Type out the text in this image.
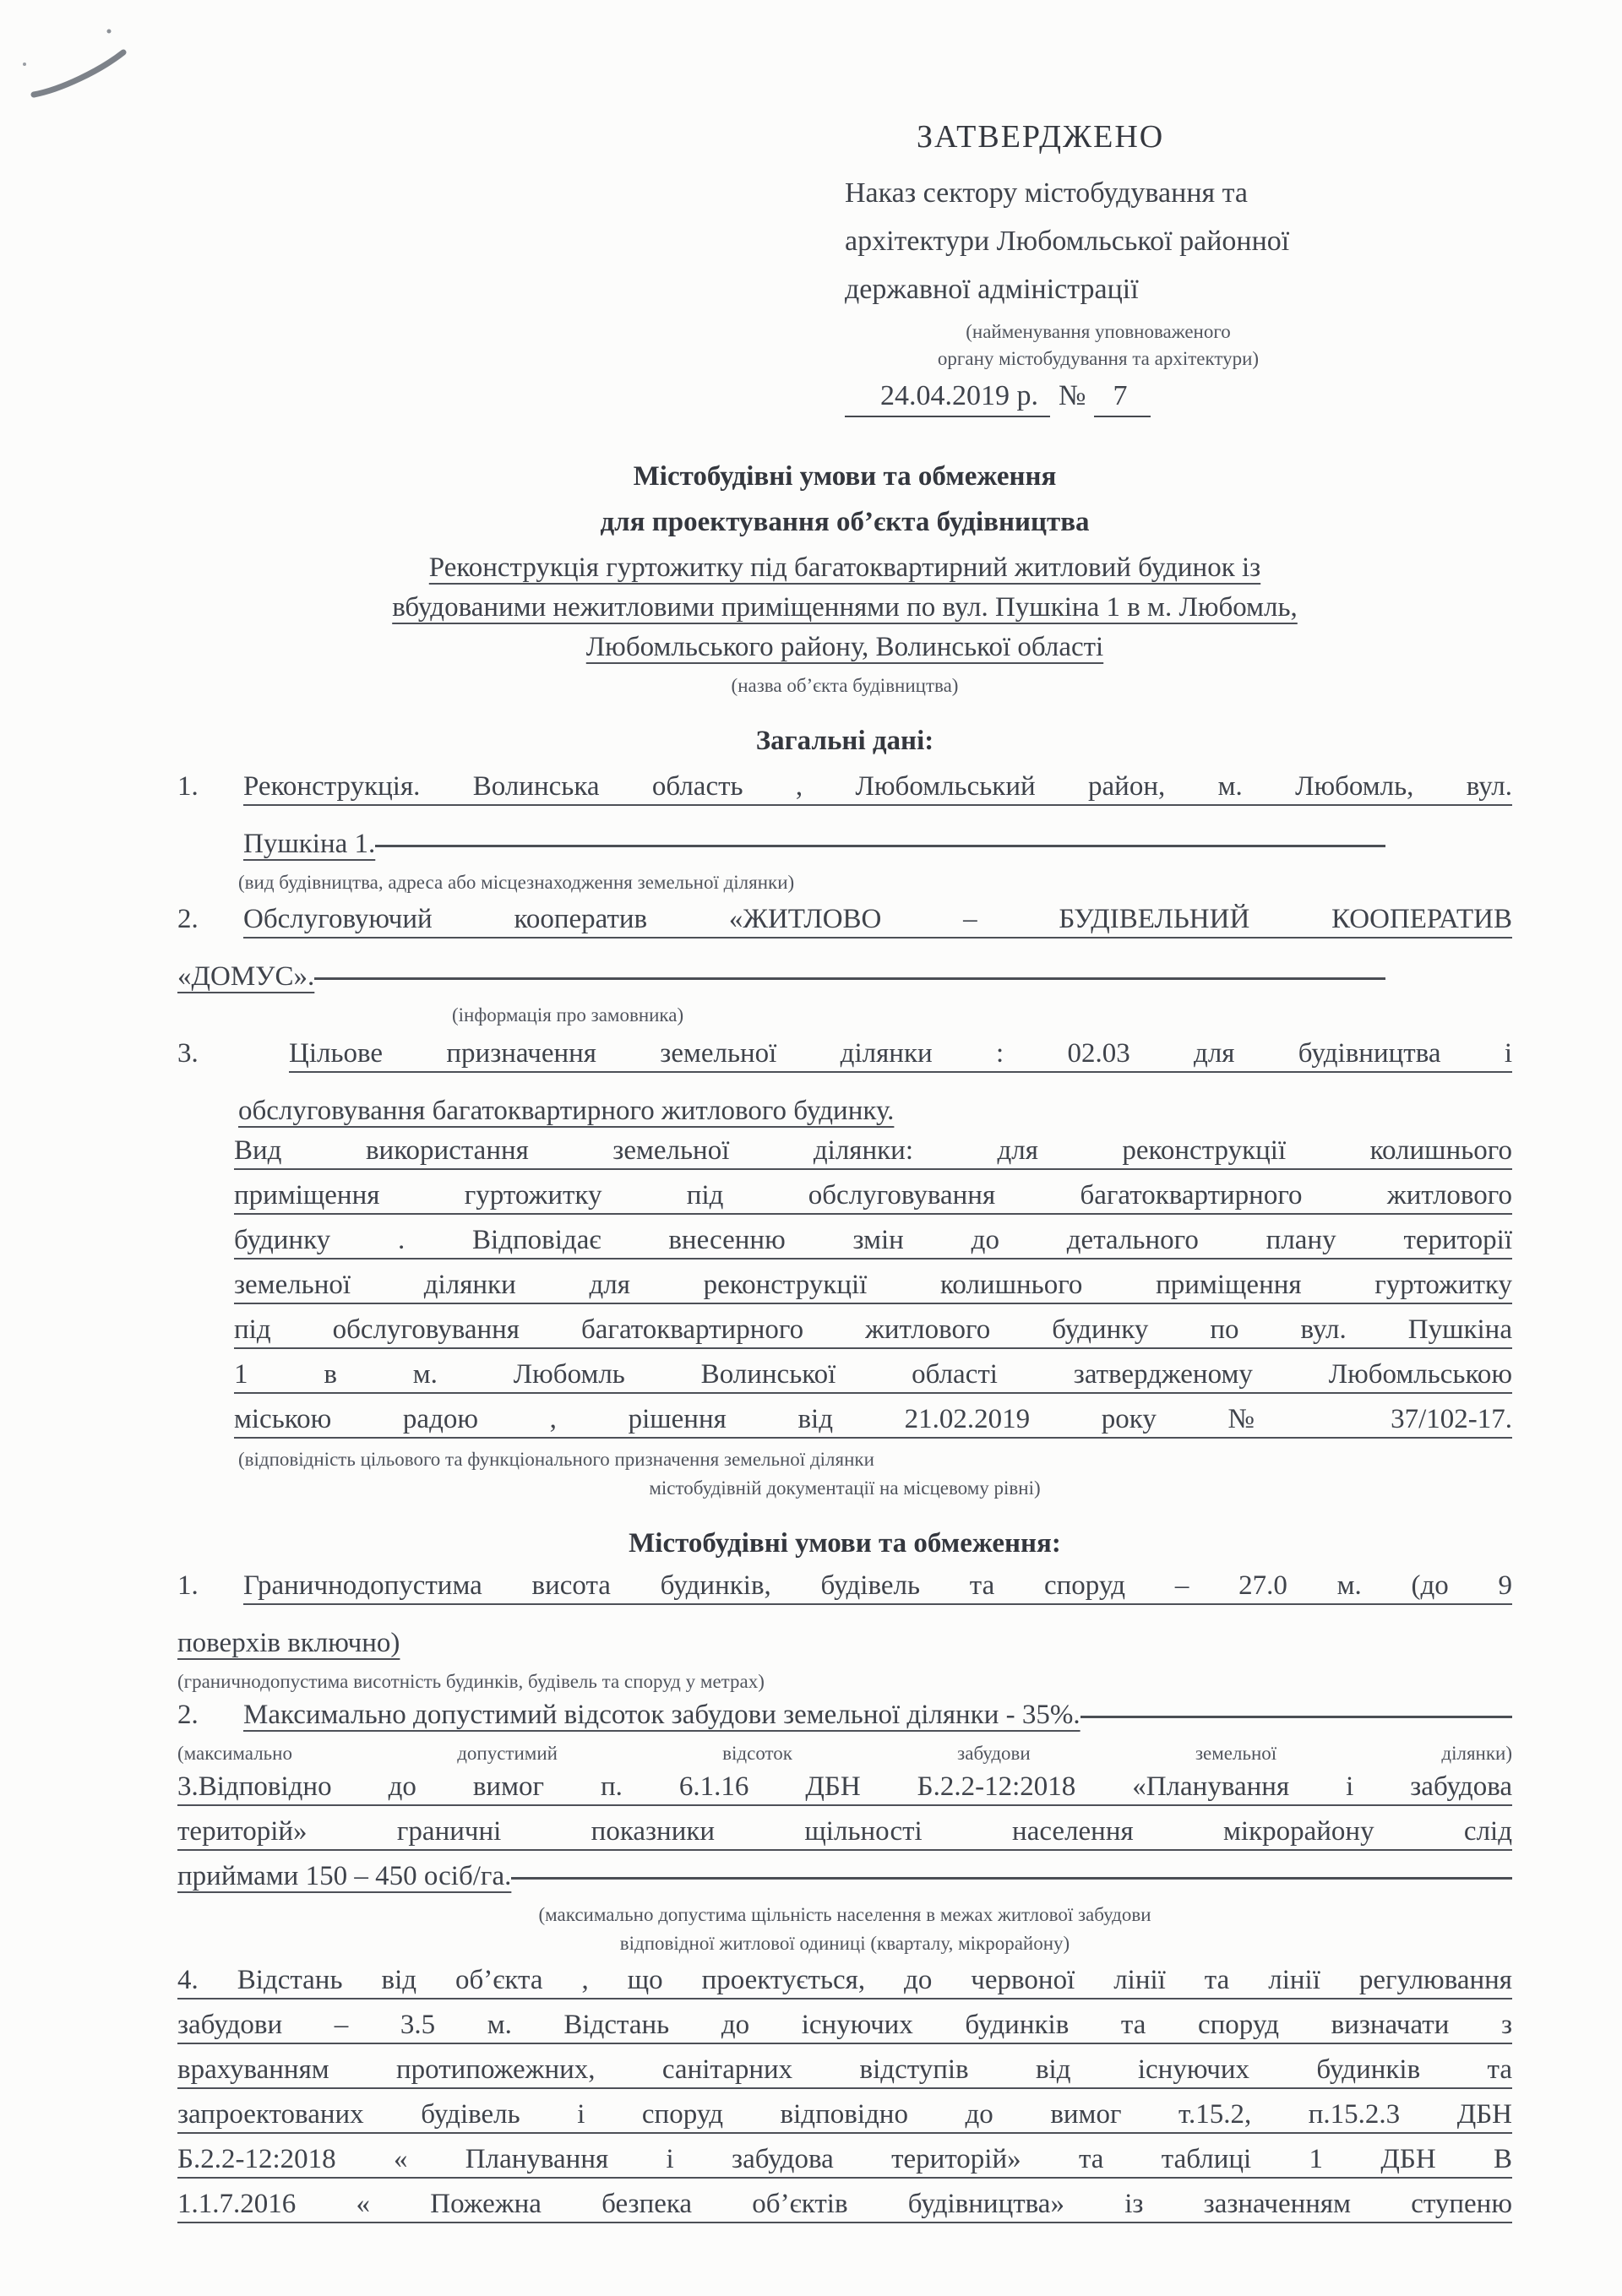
ЗАТВЕРДЖЕНО
Наказ сектору містобудування та
архітектури Любомльської районної
державної адміністрації
(найменування уповноваженого
органу містобудування та архітектури)
24.04.2019 р. № 7
Містобудівні умови та обмеження
для проектування об’єкта будівництва
Реконструкція гуртожитку під багатоквартирний житловий будинок із
вбудованими нежитловими приміщеннями по вул. Пушкіна 1 в м. Любомль,
Любомльського району, Волинської області
(назва об’єкта будівництва)
Загальні дані:
1.	Реконструкція. Волинська область , Любомльський район, м. Любомль, вул.
Пушкіна 1.
(вид будівництва, адреса або місцезнаходження земельної ділянки)
2.	Обслуговуючий кооператив «ЖИТЛОВО – БУДІВЕЛЬНИЙ КООПЕРАТИВ
«ДОМУС».
(інформація про замовника)
3.	Цільове призначення земельної ділянки : 02.03 для будівництва і
обслуговування багатоквартирного житлового будинку.
Вид використання земельної ділянки: для реконструкції колишнього
приміщення гуртожитку під обслуговування багатоквартирного житлового
будинку . Відповідає внесенню змін до детального плану території
земельної ділянки для реконструкції колишнього приміщення гуртожитку
під обслуговування багатоквартирного житлового будинку по вул. Пушкіна
1 в м. Любомль Волинської області затвердженому Любомльською
міською радою , рішення від 21.02.2019 року № 37/102-17.
(відповідність цільового та функціонального призначення земельної ділянки
містобудівній документації на місцевому рівні)
Містобудівні умови та обмеження:
1.	Граничнодопустима висота будинків, будівель та споруд – 27.0 м. (до 9
поверхів включно)
(граничнодопустима висотність будинків, будівель та споруд у метрах)
2.	Максимально допустимий відсоток забудови земельної ділянки - 35%.
(максимально допустимий відсоток забудови земельної ділянки)
3.Відповідно до вимог п. 6.1.16 ДБН Б.2.2-12:2018 «Планування і забудова
територій» граничні показники щільності населення мікрорайону слід
приймами 150 – 450 осіб/га.
(максимально допустима щільність населення в межах житлової забудови
відповідної житлової одиниці (кварталу, мікрорайону)
4. Відстань від об’єкта , що проектується, до червоної лінії та лінії регулювання
забудови – 3.5 м. Відстань до існуючих будинків та споруд визначати з
врахуванням протипожежних, санітарних відступів від існуючих будинків та
запроектованих будівель і споруд відповідно до вимог т.15.2, п.15.2.3 ДБН
Б.2.2-12:2018 « Планування і забудова територій» та таблиці 1 ДБН В
1.1.7.2016 « Пожежна безпека об’єктів будівництва» із зазначенням ступеню
